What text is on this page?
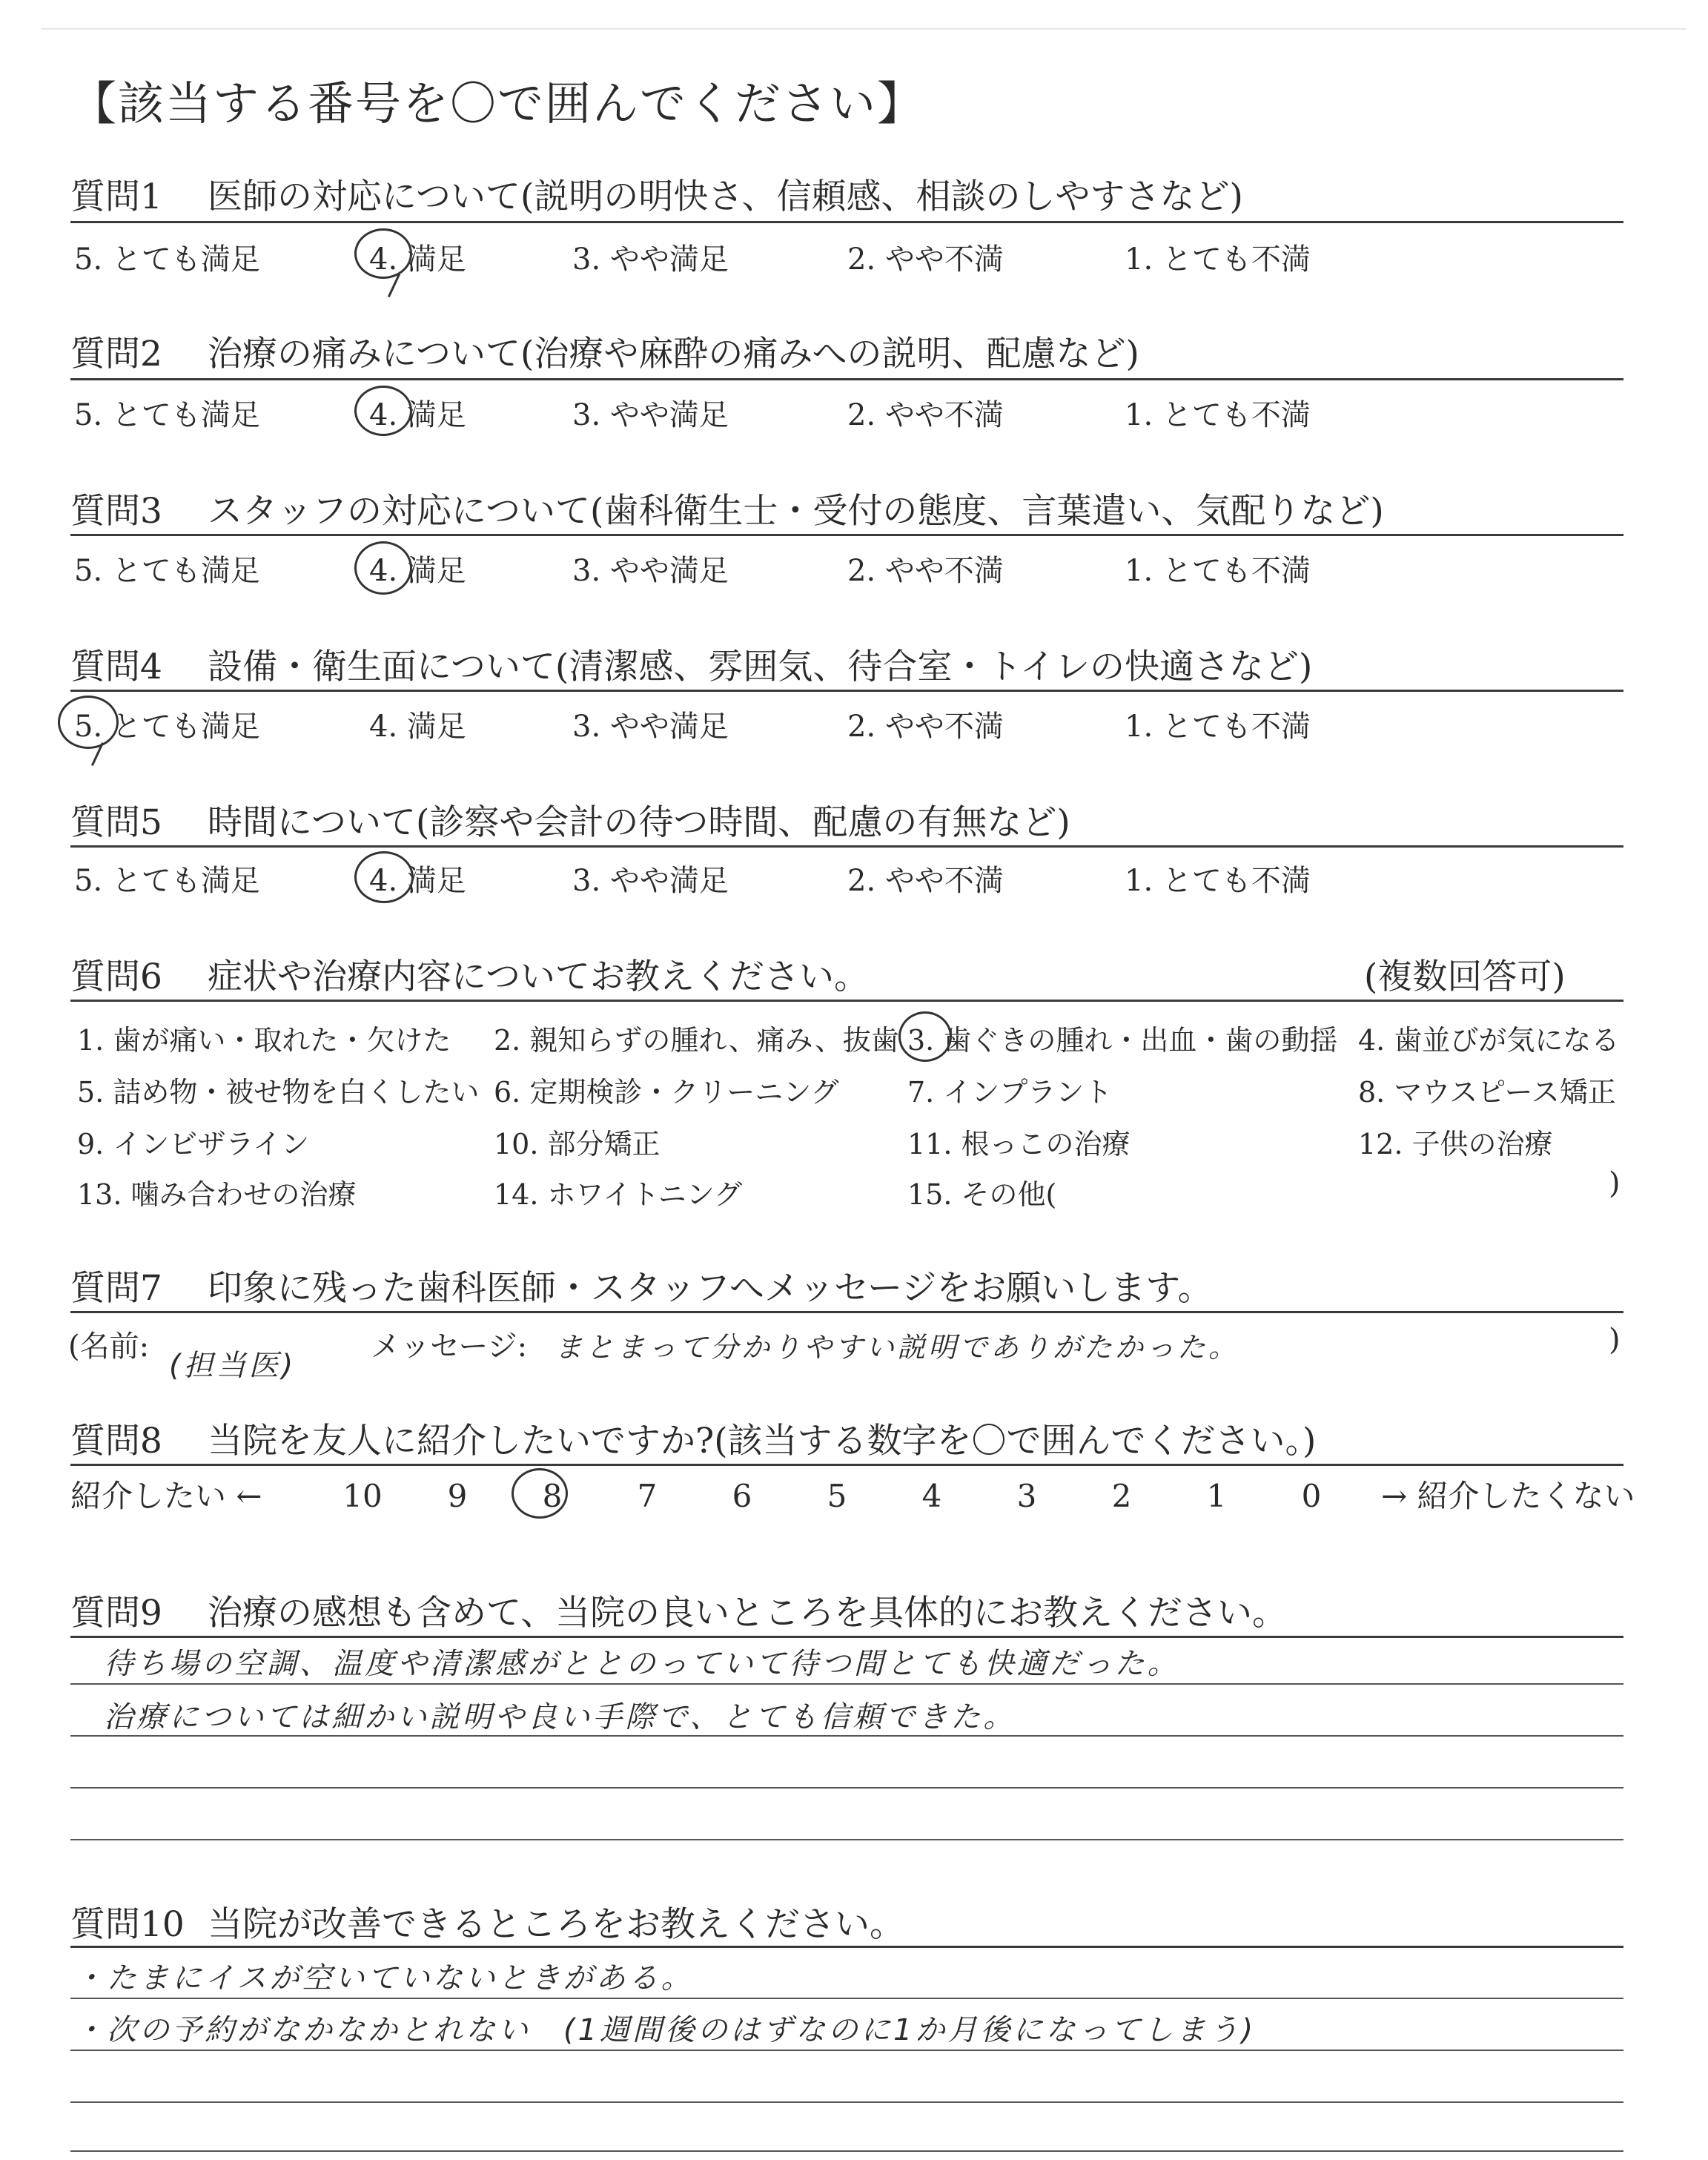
【該当する番号を〇で囲んでください】
質問1 医師の対応について(説明の明快さ、信頼感、相談のしやすさなど)
5. とても満足	4. 満足	3. やや満足	2. やや不満	1. とても不満
質問2 治療の痛みについて(治療や麻酔の痛みへの説明、配慮など)
5. とても満足	4. 満足	3. やや満足	2. やや不満	1. とても不満
質問3 スタッフの対応について(歯科衛生士・受付の態度、言葉遣い、気配りなど)
5. とても満足	4. 満足	3. やや満足	2. やや不満	1. とても不満
質問4 設備・衛生面について(清潔感、雰囲気、待合室・トイレの快適さなど)
5. とても満足	4. 満足	3. やや満足	2. やや不満	1. とても不満
質問5 時間について(診察や会計の待つ時間、配慮の有無など)
5. とても満足	4. 満足	3. やや満足	2. やや不満	1. とても不満
質問6 症状や治療内容についてお教えください。	(複数回答可)
1. 歯が痛い・取れた・欠けた 2. 親知らずの腫れ、痛み、抜歯 3. 歯ぐきの腫れ・出血・歯の動揺 4. 歯並びが気になる
5. 詰め物・被せ物を白くしたい 6. 定期検診・クリーニング 7. インプラント	8. マウスピース矯正
9. インビザライン	10. 部分矯正	11. 根っこの治療	12. 子供の治療
13. 噛み合わせの治療	14. ホワイトニング	15. その他(	)
質問7 印象に残った歯科医師・スタッフへメッセージをお願いします。
(名前:
(担当医)
メッセージ: まとまって分かりやすい説明でありがたかった。	)
質問8 当院を友人に紹介したいですか?(該当する数字を〇で囲んでください。)
紹介したい ←	10 9 8 7 6 5 4 3 2 1 0 → 紹介したくない
質問9 治療の感想も含めて、当院の良いところを具体的にお教えください。
待ち場の空調、温度や清潔感がととのっていて待つ間とても快適だった。
治療については細かい説明や良い手際で、とても信頼できた。
質問10 当院が改善できるところをお教えください。
・たまにイスが空いていないときがある。
・次の予約がなかなかとれない　(1週間後のはずなのに1か月後になってしまう)
